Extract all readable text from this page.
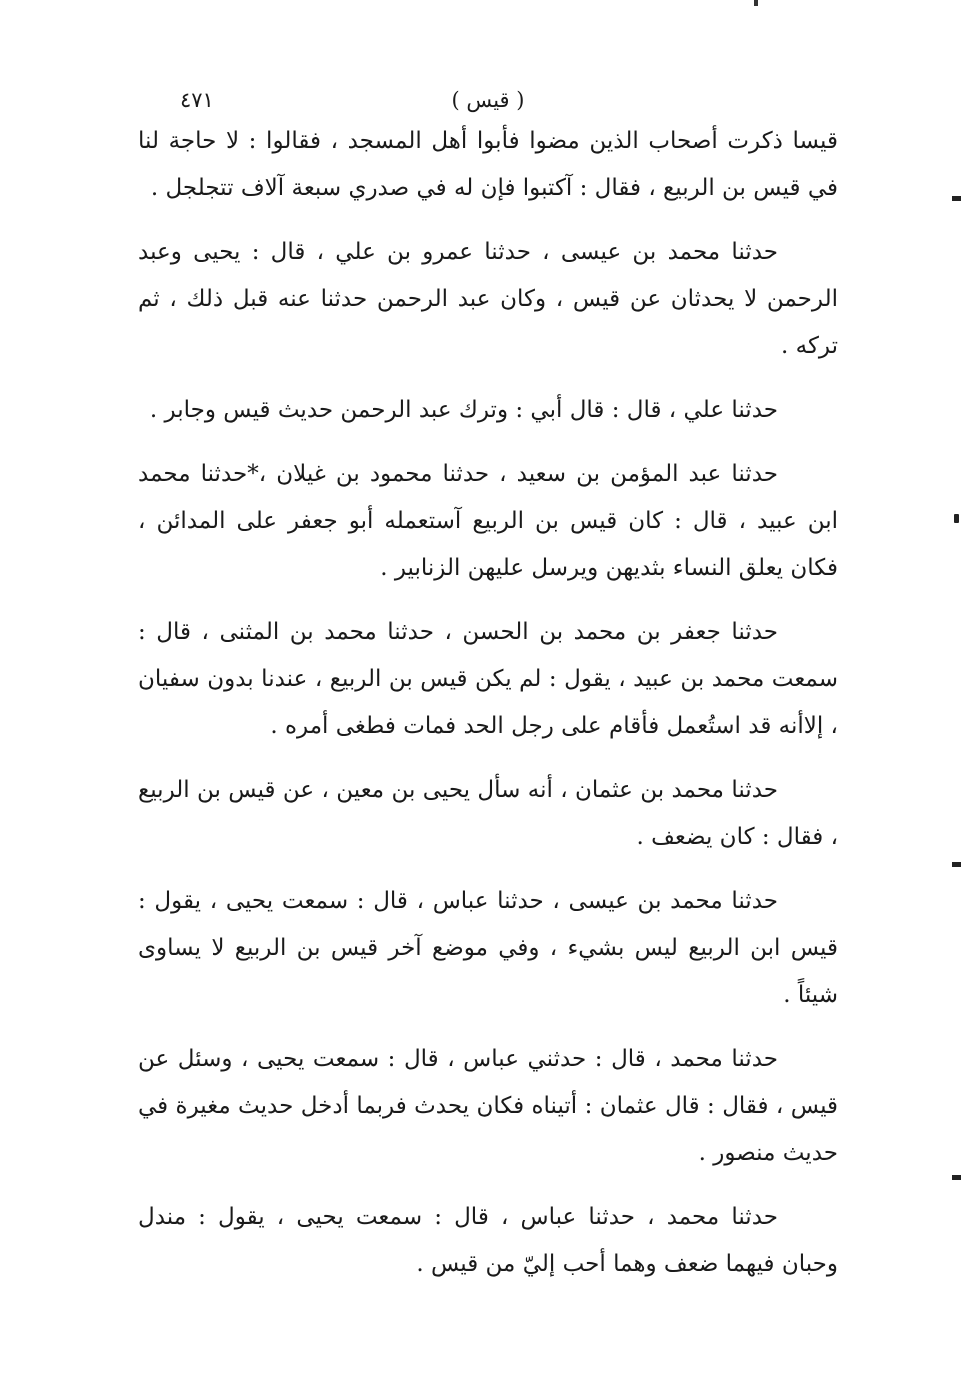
٤٧١	( قيس )

قيسا ذكرت أصحاب الذين مضوا فأبوا أهل المسجد ، فقالوا : لا حاجة لنا في قيس بن الربيع ، فقال : آكتبوا فإن له في صدري سبعة آلاف تتجلجل .

حدثنا محمد بن عيسى ، حدثنا عمرو بن علي ، قال : يحيى وعبد الرحمن لا يحدثان عن قيس ، وكان عبد الرحمن حدثنا عنه قبل ذلك ، ثم تركه .

حدثنا علي ، قال : قال أبي : وترك عبد الرحمن حديث قيس وجابر .

حدثنا عبد المؤمن بن سعيد ، حدثنا محمود بن غيلان ،*حدثنا محمد ابن عبيد ، قال : كان قيس بن الربيع آستعمله أبو جعفر على المدائن ، فكان يعلق النساء بثديهن ويرسل عليهن الزنابير .

حدثنا جعفر بن محمد بن الحسن ، حدثنا محمد بن المثنى ، قال : سمعت محمد بن عبيد ، يقول : لم يكن قيس بن الربيع ، عندنا بدون سفيان ، إلاأنه قد استُعمل فأقام على رجل الحد فمات فطغى أمره .

حدثنا محمد بن عثمان ، أنه سأل يحيى بن معين ، عن قيس بن الربيع ، فقال : كان يضعف .

حدثنا محمد بن عيسى ، حدثنا عباس ، قال : سمعت يحيى ، يقول : قيس ابن الربيع ليس بشيء ، وفي موضع آخر قيس بن الربيع لا يساوى شيئاً .

حدثنا محمد ، قال : حدثني عباس ، قال : سمعت يحيى ، وسئل عن قيس ، فقال : قال عثمان : أتيناه فكان يحدث فربما أدخل حديث مغيرة في حديث منصور .

حدثنا محمد ، حدثنا عباس ، قال : سمعت يحيى ، يقول : مندل وحبان فيهما ضعف وهما أحب إليّ من قيس .
